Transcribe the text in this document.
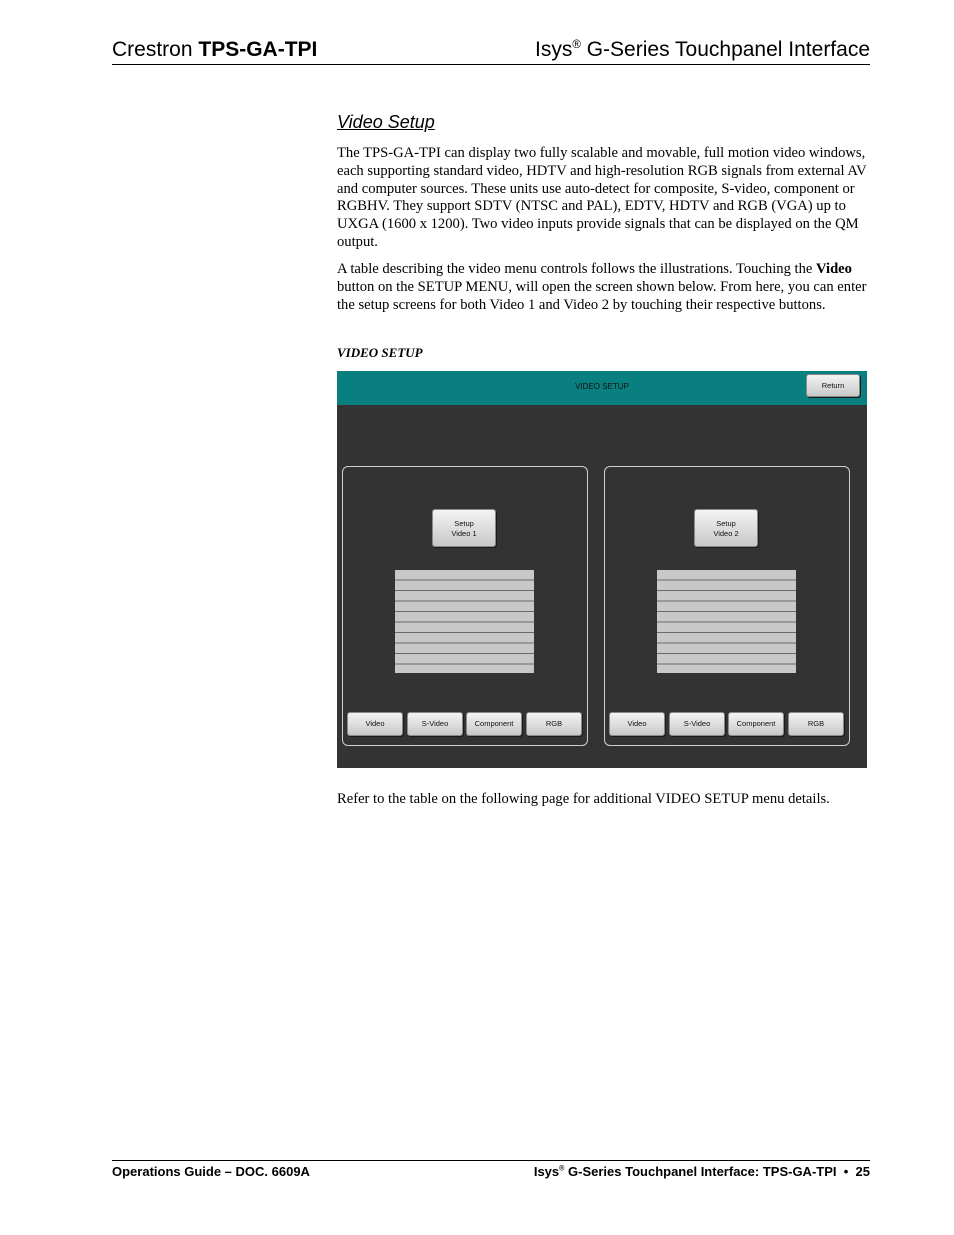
Crestron TPS-GA-TPI	Isys® G-Series Touchpanel Interface
Video Setup
The TPS-GA-TPI can display two fully scalable and movable, full motion video windows, each supporting standard video, HDTV and high-resolution RGB signals from external AV and computer sources. These units use auto-detect for composite, S-video, component or RGBHV. They support SDTV (NTSC and PAL), EDTV, HDTV and RGB (VGA) up to UXGA (1600 x 1200). Two video inputs provide signals that can be displayed on the QM output.
A table describing the video menu controls follows the illustrations. Touching the Video button on the SETUP MENU, will open the screen shown below. From here, you can enter the setup screens for both Video 1 and Video 2 by touching their respective buttons.
VIDEO SETUP
VIDEO SETUP	Return
Setup
Video 1
Video	S-Video	Component	RGB
Setup
Video 2
Video	S-Video	Component	RGB
Refer to the table on the following page for additional VIDEO SETUP menu details.
Operations Guide – DOC. 6609A	Isys® G-Series Touchpanel Interface: TPS-GA-TPI • 25
